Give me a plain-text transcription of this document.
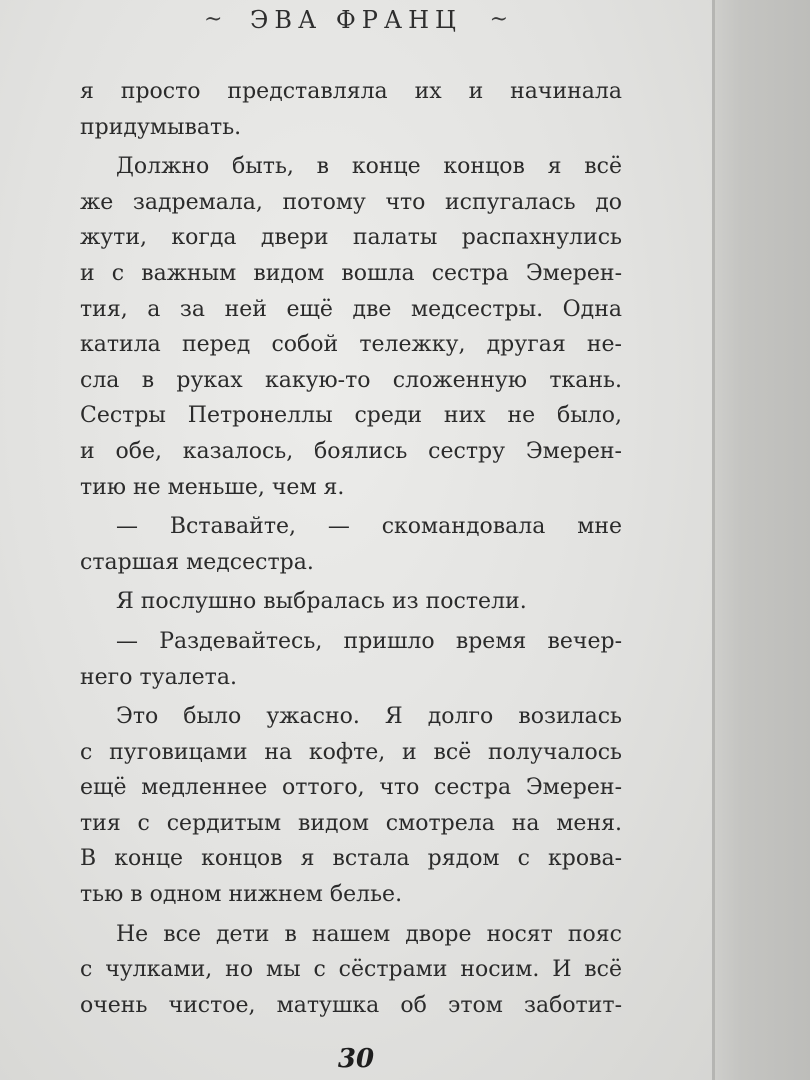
~ ЭВА ФРАНЦ ~
я просто представляла их и начинала
придумывать.
Должно быть, в конце концов я всё
же задремала, потому что испугалась до
жути, когда двери палаты распахнулись
и с важным видом вошла сестра Эмерен-
тия, а за ней ещё две медсестры. Одна
катила перед собой тележку, другая не-
сла в руках какую-то сложенную ткань.
Сестры Петронеллы среди них не было,
и обе, казалось, боялись сестру Эмерен-
тию не меньше, чем я.
— Вставайте, — скомандовала мне
старшая медсестра.
Я послушно выбралась из постели.
— Раздевайтесь, пришло время вечер-
него туалета.
Это было ужасно. Я долго возилась
с пуговицами на кофте, и всё получалось
ещё медленнее оттого, что сестра Эмерен-
тия с сердитым видом смотрела на меня.
В конце концов я встала рядом с крова-
тью в одном нижнем белье.
Не все дети в нашем дворе носят пояс
с чулками, но мы с сёстрами носим. И всё
очень чистое, матушка об этом заботит-
30
